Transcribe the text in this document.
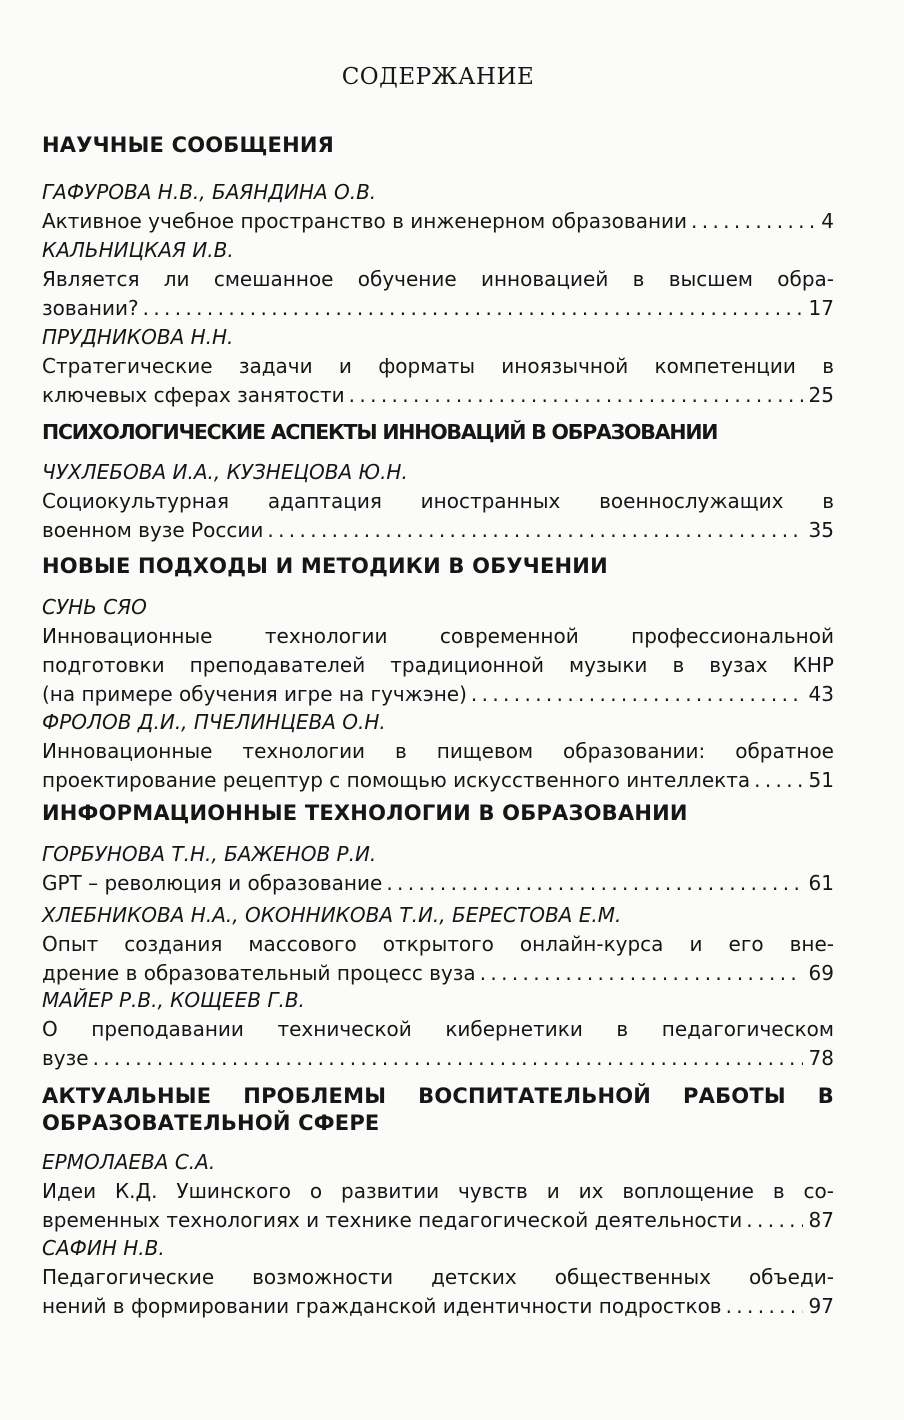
СОДЕРЖАНИЕ
НАУЧНЫЕ СООБЩЕНИЯ
ГАФУРОВА Н.В., БАЯНДИНА О.В.
Активное учебное пространство в инженерном образовании . . .	4
КАЛЬНИЦКАЯ И.В.
Является ли смешанное обучение инновацией в высшем обра-
зовании? . . .	17
ПРУДНИКОВА Н.Н.
Стратегические задачи и форматы иноязычной компетенции в
ключевых сферах занятости . . .	25
ПСИХОЛОГИЧЕСКИЕ АСПЕКТЫ ИННОВАЦИЙ В ОБРАЗОВАНИИ
ЧУХЛЕБОВА И.А., КУЗНЕЦОВА Ю.Н.
Социокультурная адаптация иностранных военнослужащих в
военном вузе России . . .	35
НОВЫЕ ПОДХОДЫ И МЕТОДИКИ В ОБУЧЕНИИ
СУНЬ СЯО
Инновационные технологии современной профессиональной
подготовки преподавателей традиционной музыки в вузах КНР
(на примере обучения игре на гучжэне) . . .	43
ФРОЛОВ Д.И., ПЧЕЛИНЦЕВА О.Н.
Инновационные технологии в пищевом образовании: обратное
проектирование рецептур с помощью искусственного интеллекта . . .	51
ИНФОРМАЦИОННЫЕ ТЕХНОЛОГИИ В ОБРАЗОВАНИИ
ГОРБУНОВА Т.Н., БАЖЕНОВ Р.И.
GPT – революция и образование . . .	61
ХЛЕБНИКОВА Н.А., ОКОННИКОВА Т.И., БЕРЕСТОВА Е.М.
Опыт создания массового открытого онлайн-курса и его вне-
дрение в образовательный процесс вуза . . .	69
МАЙЕР Р.В., КОЩЕЕВ Г.В.
О преподавании технической кибернетики в педагогическом
вузе . . .	78
АКТУАЛЬНЫЕ ПРОБЛЕМЫ ВОСПИТАТЕЛЬНОЙ РАБОТЫ В ОБРАЗОВАТЕЛЬНОЙ СФЕРЕ
ЕРМОЛАЕВА С.А.
Идеи К.Д. Ушинского о развитии чувств и их воплощение в со-
временных технологиях и технике педагогической деятельности . . .	87
САФИН Н.В.
Педагогические возможности детских общественных объеди-
нений в формировании гражданской идентичности подростков . . .	97
